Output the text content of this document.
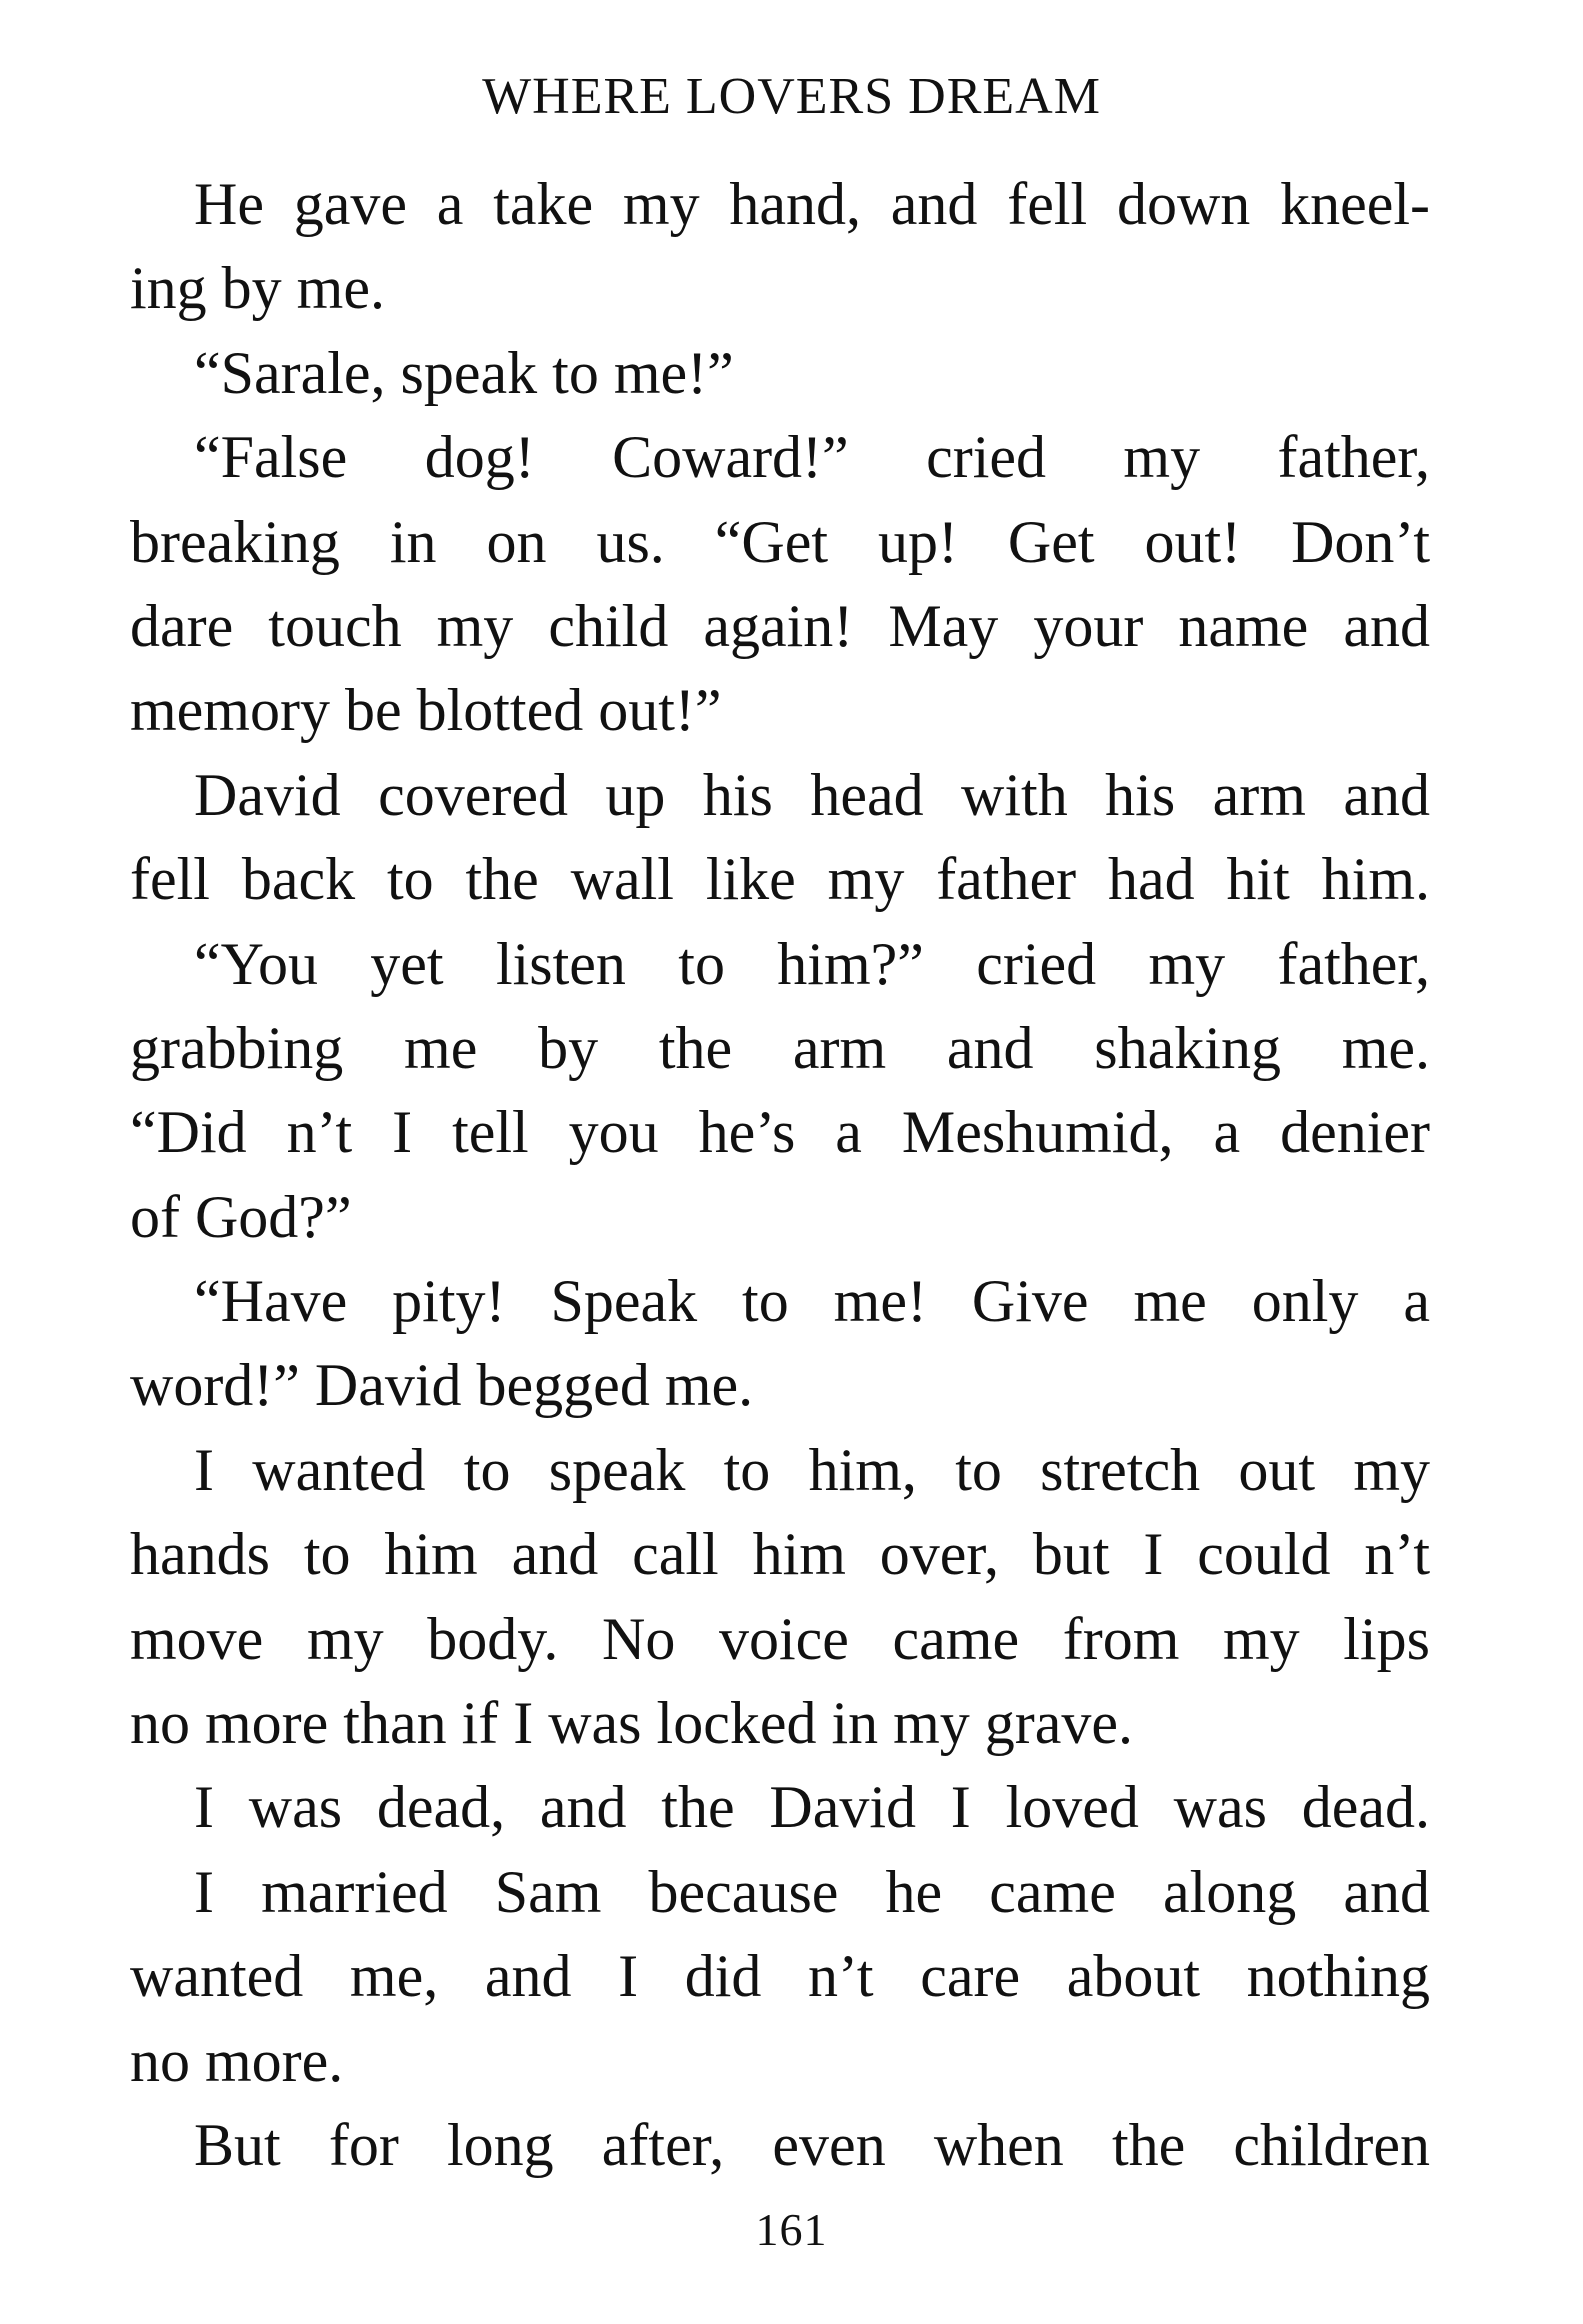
WHERE LOVERS DREAM
He gave a take my hand, and fell down kneel-
ing by me.
“Sarale, speak to me!”
“False dog! Coward!” cried my father,
breaking in on us. “Get up! Get out! Don’t
dare touch my child again! May your name and
memory be blotted out!”
David covered up his head with his arm and
fell back to the wall like my father had hit him.
“You yet listen to him?” cried my father,
grabbing me by the arm and shaking me.
“Did n’t I tell you he’s a Meshumid, a denier
of God?”
“Have pity! Speak to me! Give me only a
word!” David begged me.
I wanted to speak to him, to stretch out my
hands to him and call him over, but I could n’t
move my body. No voice came from my lips
no more than if I was locked in my grave.
I was dead, and the David I loved was dead.
I married Sam because he came along and
wanted me, and I did n’t care about nothing
no more.
But for long after, even when the children
161
